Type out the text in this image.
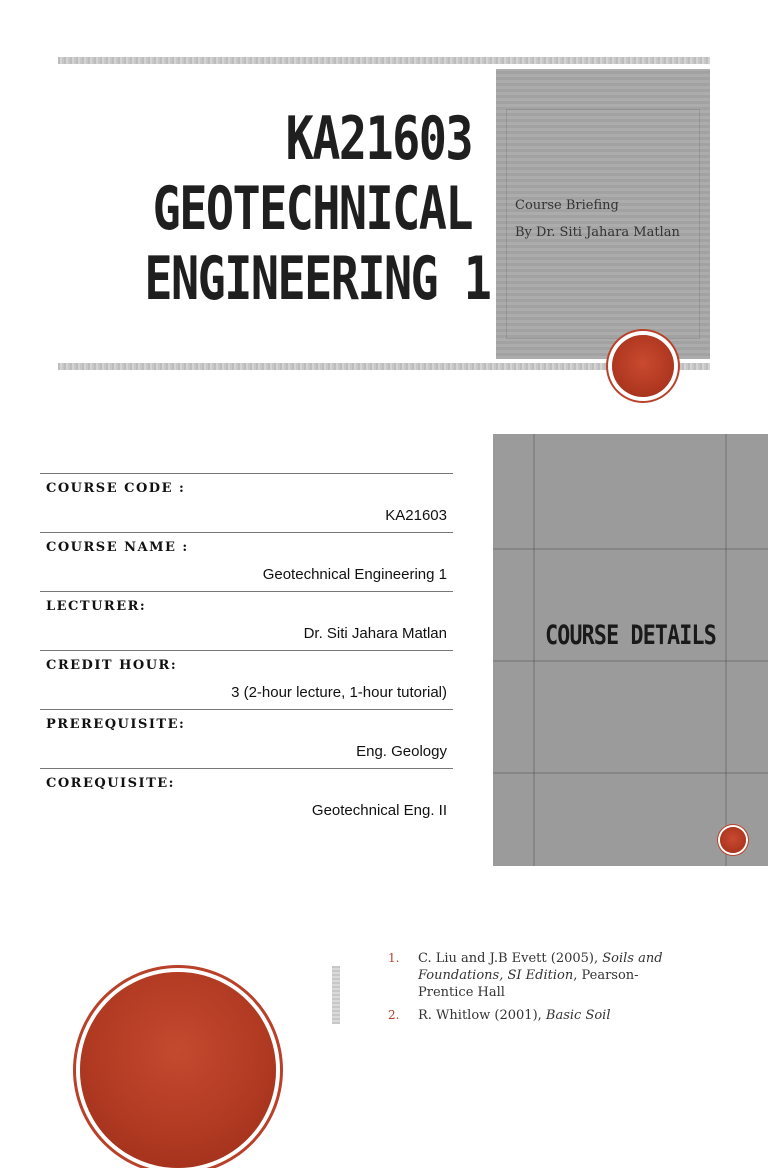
KA21603
GEOTECHNICAL
ENGINEERING 1
Course Briefing
By Dr. Siti Jahara Matlan
COURSE CODE :
KA21603
COURSE NAME :
Geotechnical Engineering 1
LECTURER:
Dr. Siti Jahara Matlan
CREDIT HOUR:
3 (2-hour lecture, 1-hour tutorial)
PREREQUISITE:
Eng. Geology
COREQUISITE:
Geotechnical Eng. II
COURSE DETAILS
1. C. Liu and J.B Evett (2005), Soils and Foundations, SI Edition, Pearson-Prentice Hall
2. R. Whitlow (2001), Basic Soil
